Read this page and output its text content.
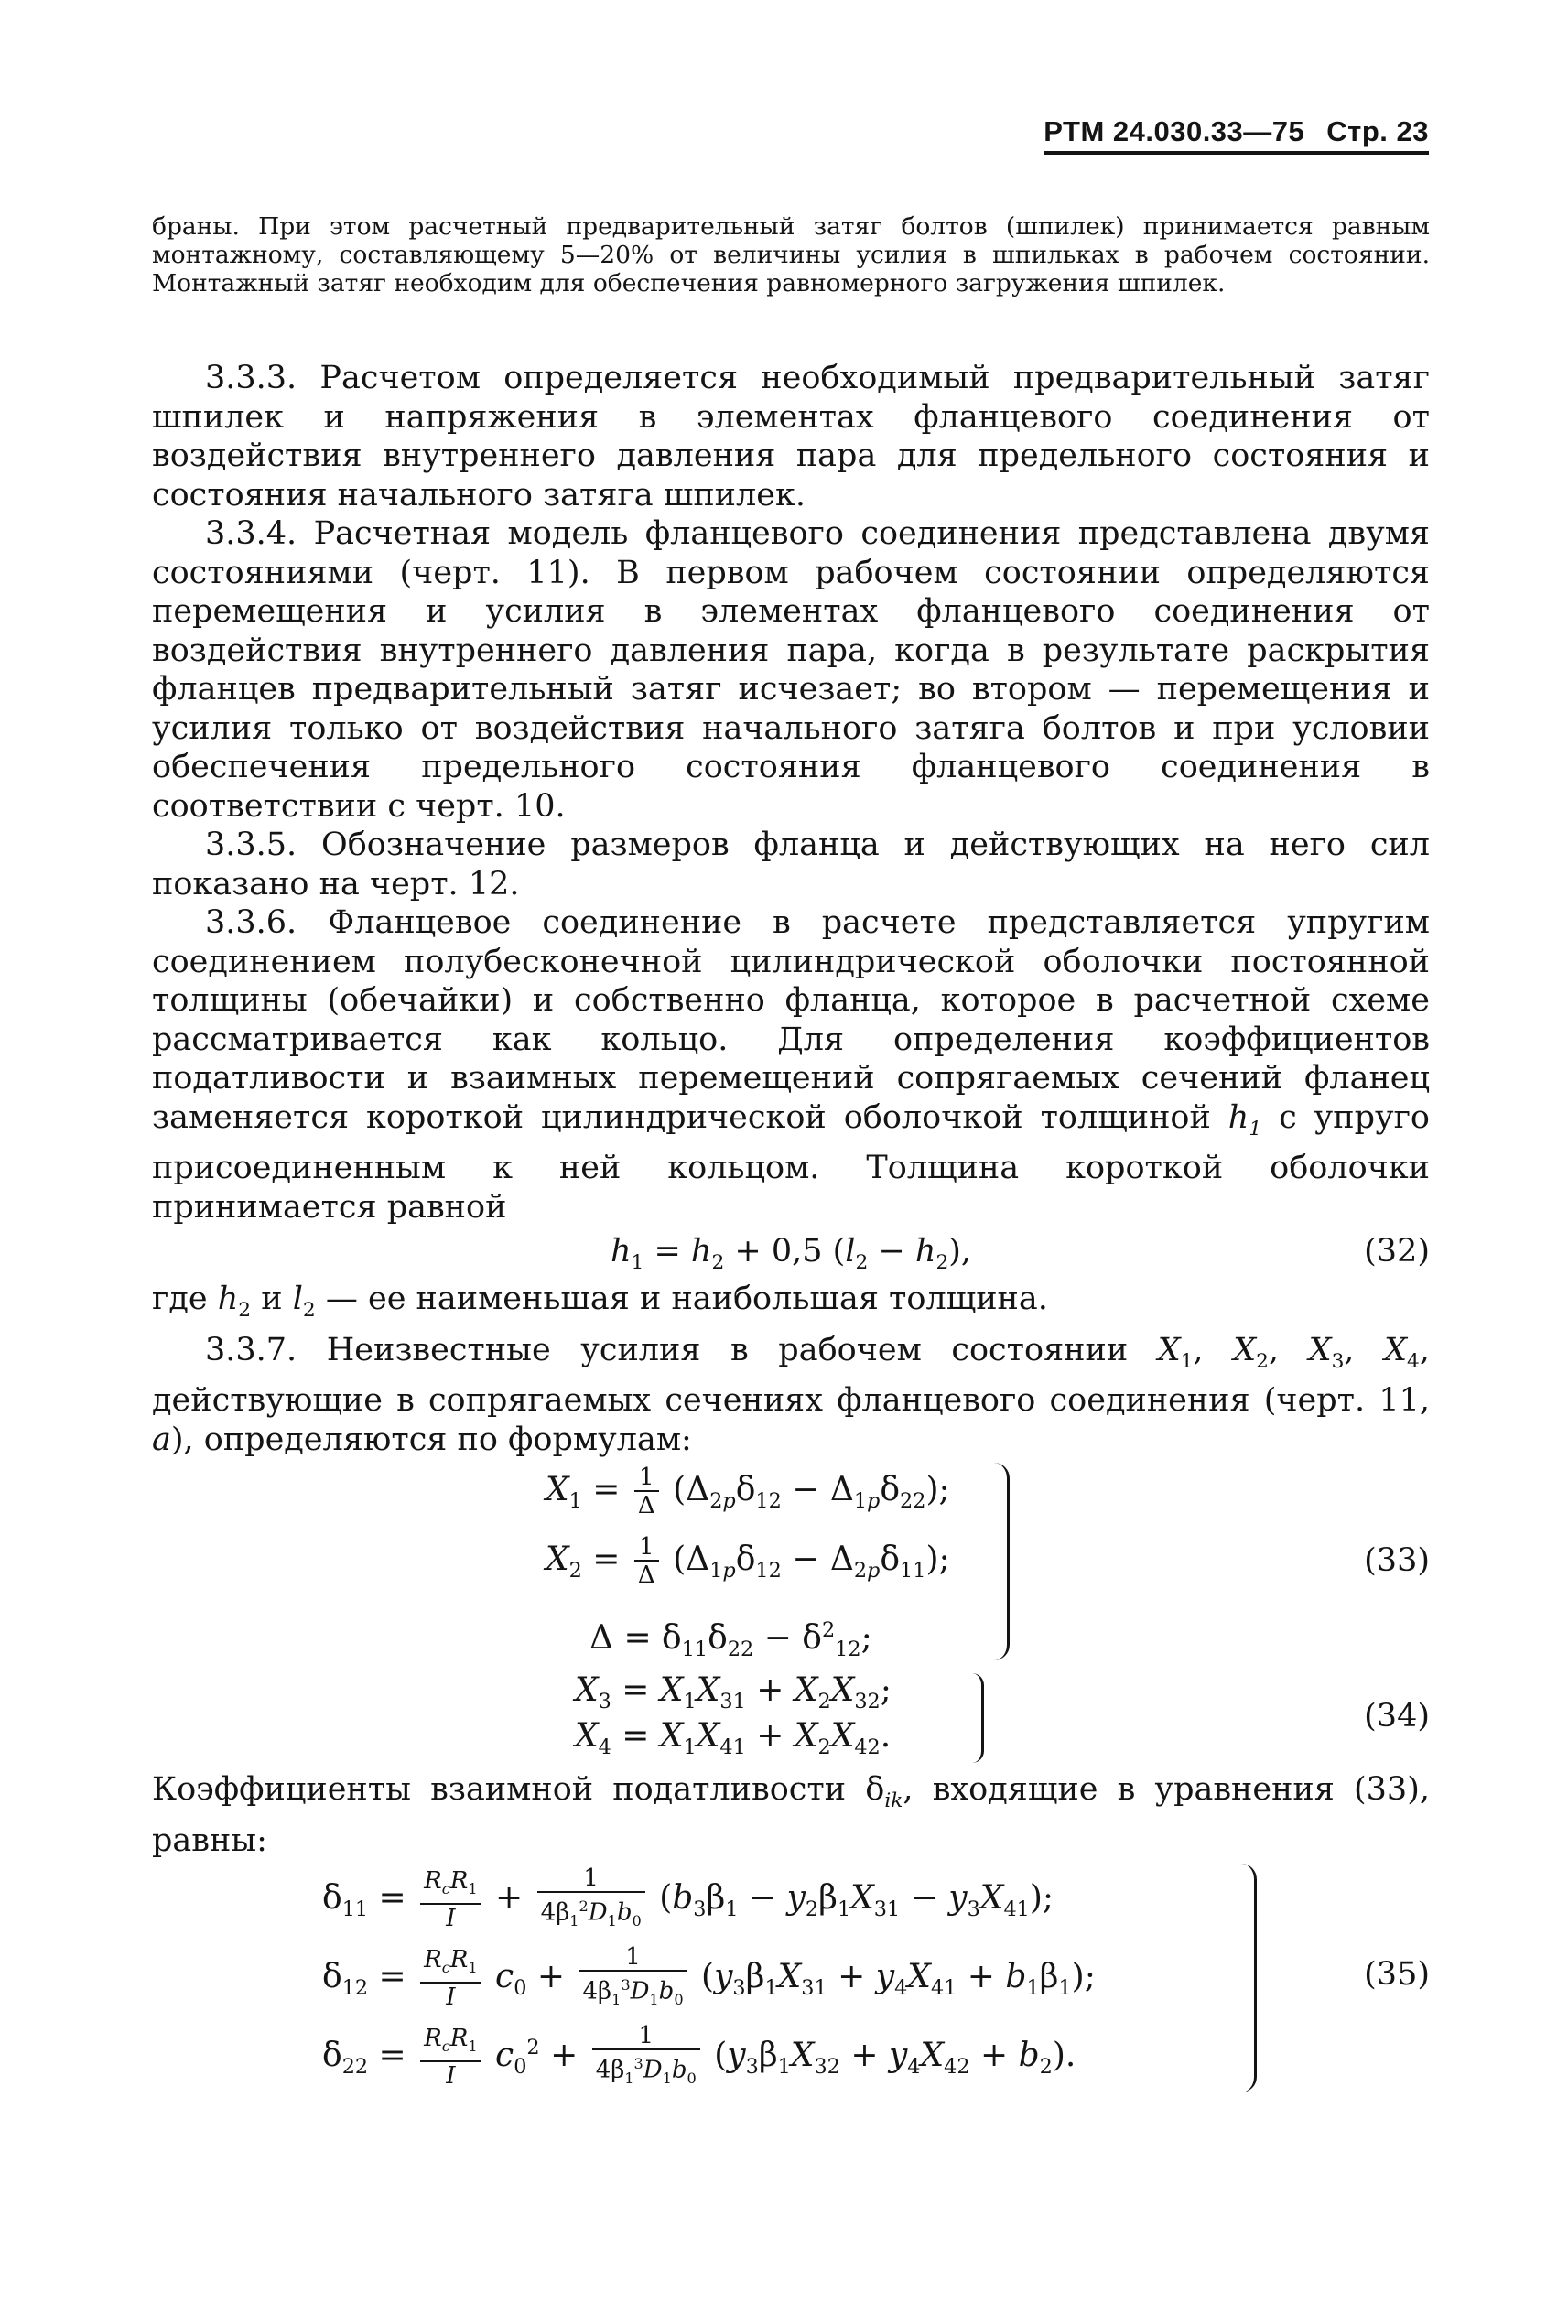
РТМ 24.030.33—75 Стр. 23
браны. При этом расчетный предварительный затяг болтов (шпилек) принимается равным монтажному, составляющему 5—20% от величины усилия в шпильках в рабочем состоянии. Монтажный затяг необходим для обеспечения равномерного загружения шпилек.

3.3.3. Расчетом определяется необходимый предварительный затяг шпилек и напряжения в элементах фланцевого соединения от воздействия внутреннего давления пара для предельного состояния и состояния начального затяга шпилек.

3.3.4. Расчетная модель фланцевого соединения представлена двумя состояниями (черт. 11). В первом рабочем состоянии определяются перемещения и усилия в элементах фланцевого соединения от воздействия внутреннего давления пара, когда в результате раскрытия фланцев предварительный затяг исчезает; во втором — перемещения и усилия только от воздействия начального затяга болтов и при условии обеспечения предельного состояния фланцевого соединения в соответствии с черт. 10.

3.3.5. Обозначение размеров фланца и действующих на него сил показано на черт. 12.

3.3.6. Фланцевое соединение в расчете представляется упругим соединением полубесконечной цилиндрической оболочки постоянной толщины (обечайки) и собственно фланца, которое в расчетной схеме рассматривается как кольцо. Для определения коэффициентов податливости и взаимных перемещений сопрягаемых сечений фланец заменяется короткой цилиндрической оболочкой толщиной $h_1$ с упруго присоединенным к ней кольцом. Толщина короткой оболочки принимается равной

$h_1 = h_2 + 0,5$ $(l_2 - h_2)$,	(32)

где $h_2$ и $l_2$ — ее наименьшая и наибольшая толщина.

3.3.7. Неизвестные усилия в рабочем состоянии $X_1$, $X_2$, $X_3$, $X_4$, действующие в сопрягаемых сечениях фланцевого соединения (черт. 11, a), определяются по формулам:

$X_1 = \frac{1}{\Delta} (\Delta_{2p}\delta_{12} - \Delta_{1p}\delta_{22})$;
$X_2 = \frac{1}{\Delta} (\Delta_{1p}\delta_{12} - \Delta_{2p}\delta_{11})$;
$\Delta = \delta_{11}\delta_{22} - \delta^2_{12}$;
(33)
$X_3 = X_1X_{31} + X_2X_{32}$;
$X_4 = X_1X_{41} + X_2X_{42}$.
(34)

Коэффициенты взаимной податливости $\delta_{ik}$, входящие в уравнения (33), равны:

$\delta_{11} = \frac{R_cR_1}{I} + \frac{1}{4\beta_1^2D_1b_0} (b_3\beta_1 - y_2\beta_1X_{31} - y_3X_{41})$;
$\delta_{12} = \frac{R_cR_1}{I} c_0 + \frac{1}{4\beta_1^3D_1b_0} (y_3\beta_1X_{31} + y_4X_{41} + b_1\beta_1)$;
$\delta_{22} = \frac{R_cR_1}{I} c_0^2 + \frac{1}{4\beta_1^3D_1b_0} (y_3\beta_1X_{32} + y_4X_{42} + b_2)$.
(35)
